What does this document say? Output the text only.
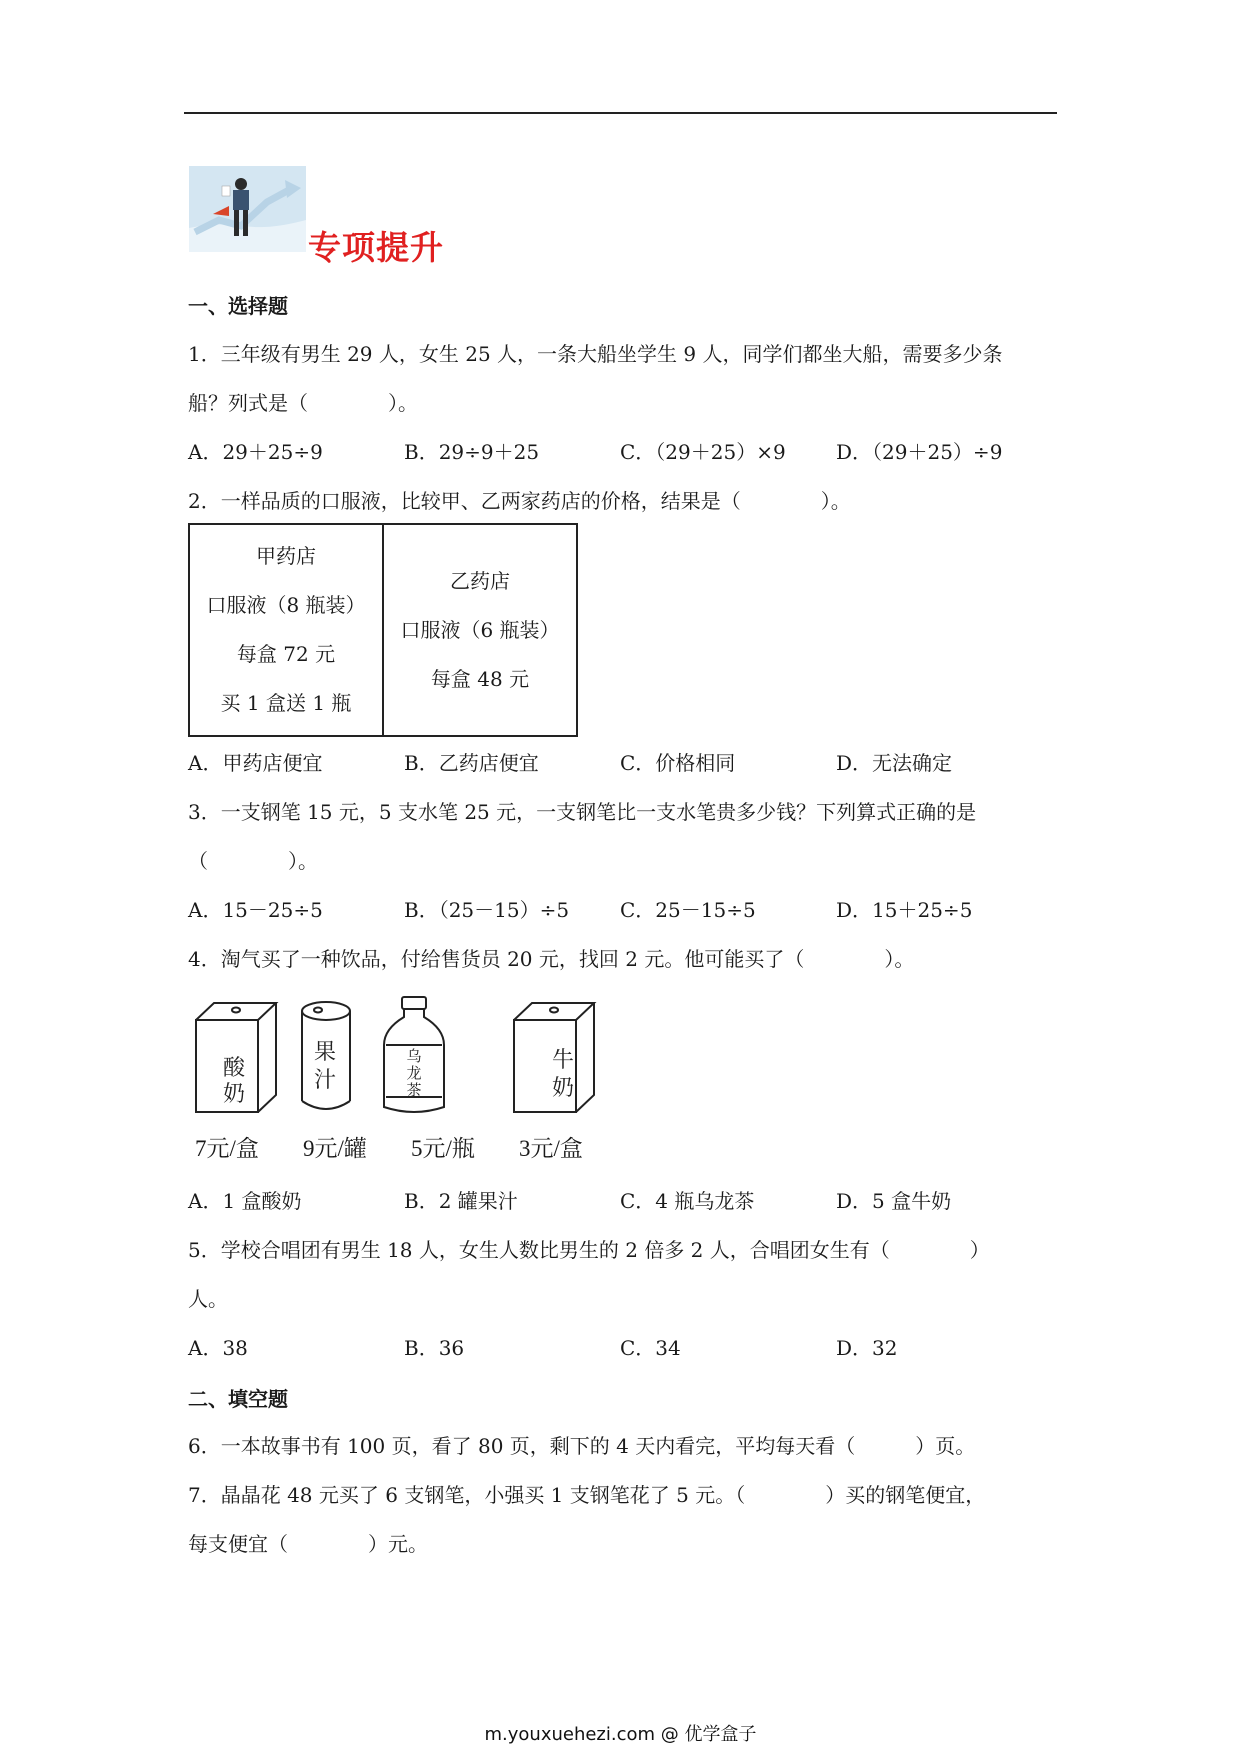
专项提升
一、选择题
1．三年级有男生 29 人，女生 25 人，一条大船坐学生 9 人，同学们都坐大船，需要多少条
船？列式是（　　　　）。
A．29＋25÷9	B．29÷9＋25	C．（29＋25）×9	D．（29＋25）÷9
2．一样品质的口服液，比较甲、乙两家药店的价格，结果是（　　　　）。
甲药店
口服液（8 瓶装）
每盒 72 元
买 1 盒送 1 瓶

乙药店
口服液（6 瓶装）
每盒 48 元
A．甲药店便宜	B．乙药店便宜	C．价格相同	D．无法确定
3．一支钢笔 15 元，5 支水笔 25 元，一支钢笔比一支水笔贵多少钱？下列算式正确的是
（　　　　）。
A．15－25÷5	B．（25－15）÷5	C．25－15÷5	D．15＋25÷5
4．淘气买了一种饮品，付给售货员 20 元，找回 2 元。他可能买了（　　　　）。
酸
奶
果
汁
乌
龙
茶
牛
奶
7元/盒 9元/罐 5元/瓶 3元/盒
A．1 盒酸奶	B．2 罐果汁	C．4 瓶乌龙茶	D．5 盒牛奶
5．学校合唱团有男生 18 人，女生人数比男生的 2 倍多 2 人，合唱团女生有（　　　　）
人。
A．38	B．36	C．34	D．32
二、填空题
6．一本故事书有 100 页，看了 80 页，剩下的 4 天内看完，平均每天看（　　　）页。
7．晶晶花 48 元买了 6 支钢笔，小强买 1 支钢笔花了 5 元。（　　　　）买的钢笔便宜，
每支便宜（　　　　）元。
m.youxuehezi.com @ 优学盒子
